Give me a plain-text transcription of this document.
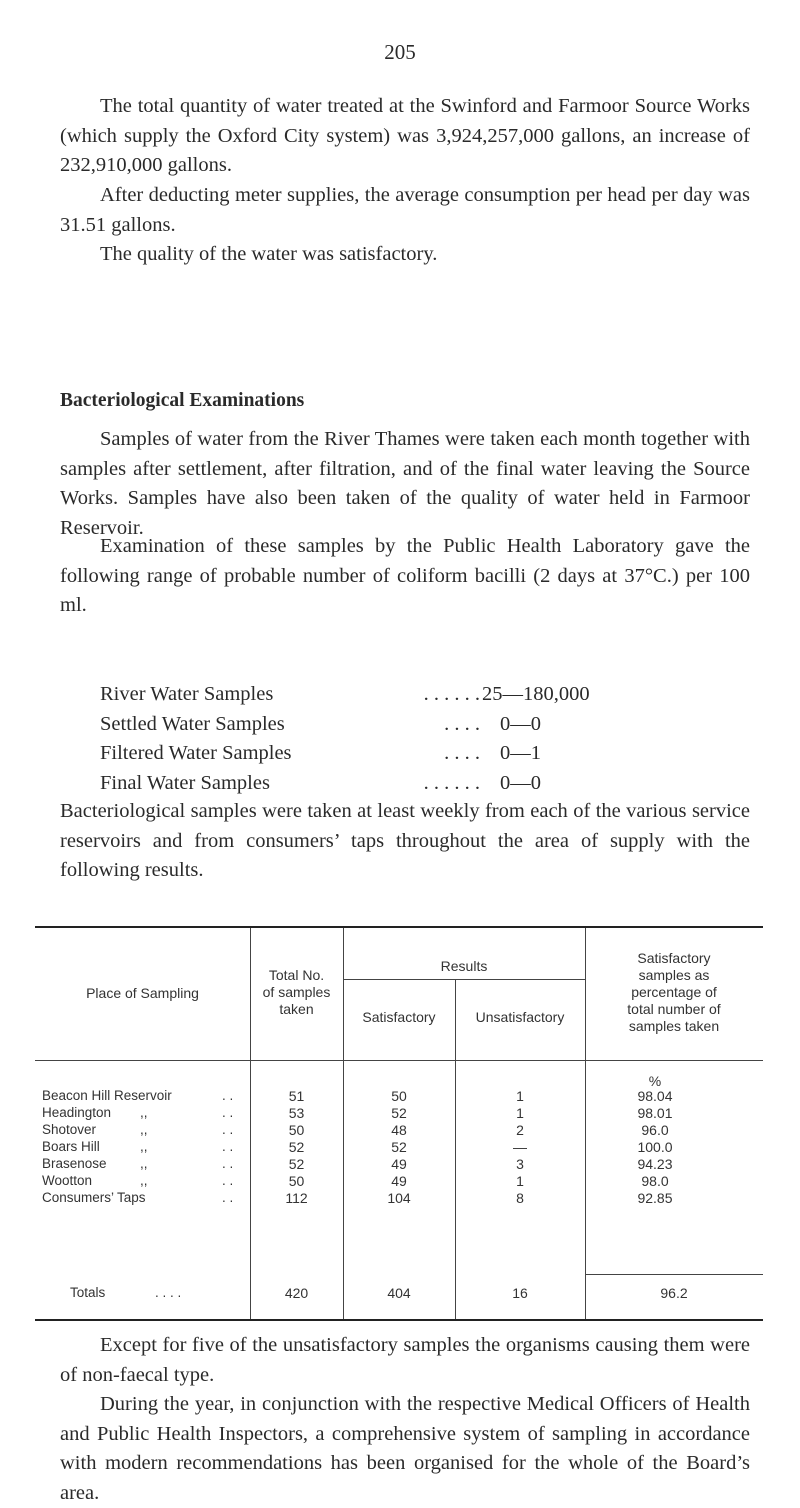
205

The total quantity of water treated at the Swinford and Farmoor Source Works (which supply the Oxford City system) was 3,924,257,000 gallons, an increase of 232,910,000 gallons.

After deducting meter supplies, the average consumption per head per day was 31.51 gallons.

The quality of the water was satisfactory.

Bacteriological Examinations

Samples of water from the River Thames were taken each month together with samples after settlement, after filtration, and of the final water leaving the Source Works. Samples have also been taken of the quality of water held in Farmoor Reservoir.

Examination of these samples by the Public Health Laboratory gave the following range of probable number of coliform bacilli (2 days at 37°C.) per 100 ml.

River Water Samples	. . . . . . 25—180,000
Settled Water Samples	. . . . 0—0
Filtered Water Samples	. . . . 0—1
Final Water Samples	. . . . . . 0—0

Bacteriological samples were taken at least weekly from each of the various service reservoirs and from consumers’ taps throughout the area of supply with the following results.

Place of Sampling
Total No.
of samples
taken
Results
Satisfactory	Unsatisfactory
Satisfactory
samples as
percentage of
total number of
samples taken
%
Beacon Hill Reservoir	. .	51	50	1	98.04
Headington ,,	. .	53	52	1	98.01
Shotover	,,	. .	50	48	2	96.0
Boars Hill	,,	. .	52	52	—	100.0
Brasenose ,,	. .	52	49	3	94.23
Wootton	,,	. .	50	49	1	98.0
Consumers’ Taps	. .	112	104	8	92.85
Totals	. . . .	420	404	16	96.2

Except for five of the unsatisfactory samples the organisms causing them were of non-faecal type.

During the year, in conjunction with the respective Medical Officers of Health and Public Health Inspectors, a comprehensive system of sampling in accordance with modern recommendations has been organised for the whole of the Board’s area.
